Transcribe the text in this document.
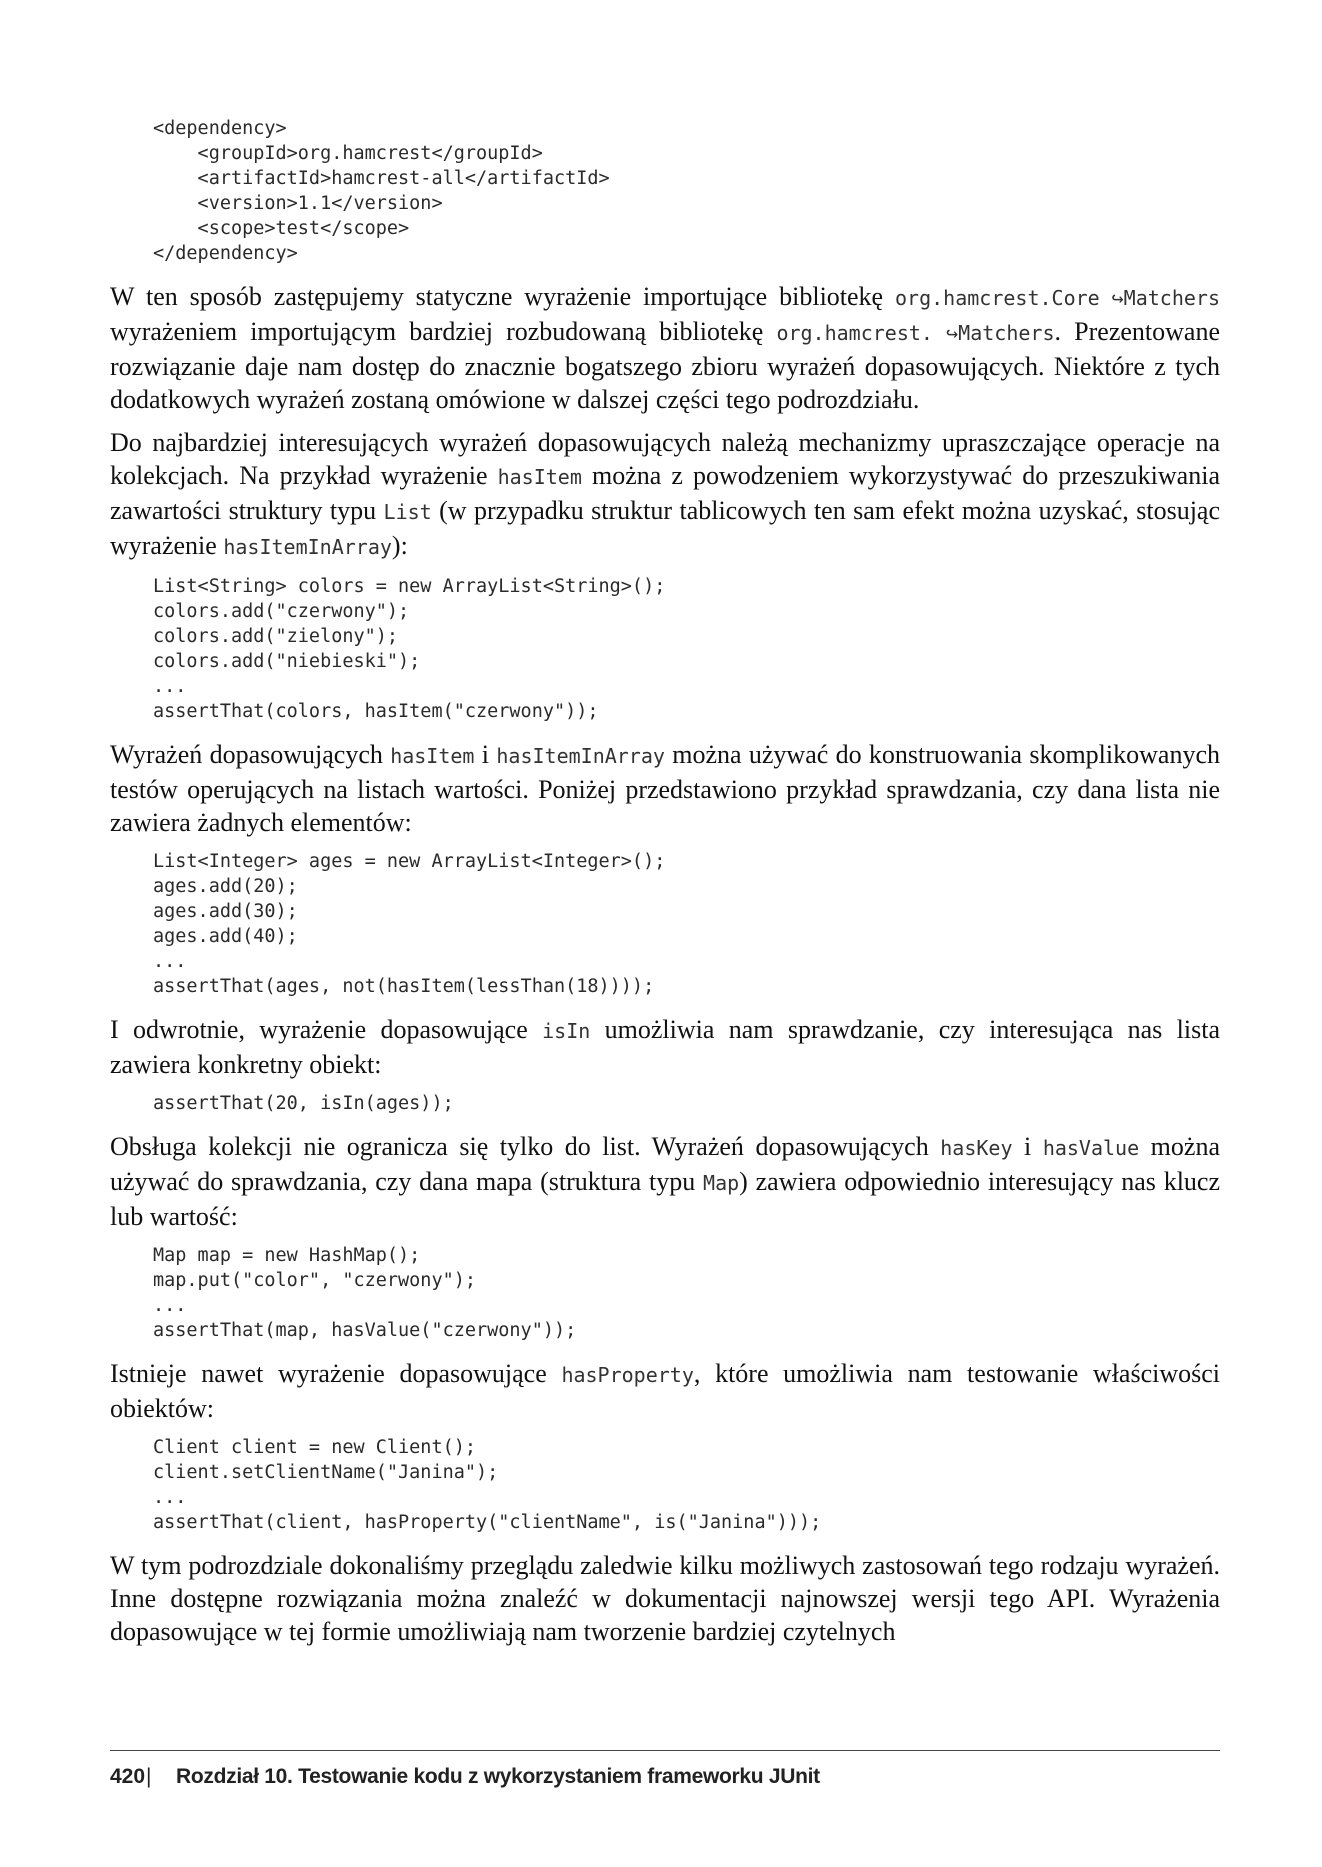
<dependency>
<groupId>org.hamcrest</groupId>
<artifactId>hamcrest-all</artifactId>
<version>1.1</version>
<scope>test</scope>
</dependency>

W ten sposób zastępujemy statyczne wyrażenie importujące bibliotekę org.hamcrest.Core ↪Matchers wyrażeniem importującym bardziej rozbudowaną bibliotekę org.hamcrest. ↪Matchers. Prezentowane rozwiązanie daje nam dostęp do znacznie bogatszego zbioru wyrażeń dopasowujących. Niektóre z tych dodatkowych wyrażeń zostaną omówione w dalszej części tego podrozdziału.

Do najbardziej interesujących wyrażeń dopasowujących należą mechanizmy upraszczające operacje na kolekcjach. Na przykład wyrażenie hasItem można z powodzeniem wykorzystywać do przeszukiwania zawartości struktury typu List (w przypadku struktur tablicowych ten sam efekt można uzyskać, stosując wyrażenie hasItemInArray):

List<String> colors = new ArrayList<String>();
colors.add("czerwony");
colors.add("zielony");
colors.add("niebieski");
...
assertThat(colors, hasItem("czerwony"));

Wyrażeń dopasowujących hasItem i hasItemInArray można używać do konstruowania skomplikowanych testów operujących na listach wartości. Poniżej przedstawiono przykład sprawdzania, czy dana lista nie zawiera żadnych elementów:

List<Integer> ages = new ArrayList<Integer>();
ages.add(20);
ages.add(30);
ages.add(40);
...
assertThat(ages, not(hasItem(lessThan(18))));

I odwrotnie, wyrażenie dopasowujące isIn umożliwia nam sprawdzanie, czy interesująca nas lista zawiera konkretny obiekt:

assertThat(20, isIn(ages));

Obsługa kolekcji nie ogranicza się tylko do list. Wyrażeń dopasowujących hasKey i hasValue można używać do sprawdzania, czy dana mapa (struktura typu Map) zawiera odpowiednio interesujący nas klucz lub wartość:

Map map = new HashMap();
map.put("color", "czerwony");
...
assertThat(map, hasValue("czerwony"));

Istnieje nawet wyrażenie dopasowujące hasProperty, które umożliwia nam testowanie właściwości obiektów:

Client client = new Client();
client.setClientName("Janina");
...
assertThat(client, hasProperty("clientName", is("Janina")));

W tym podrozdziale dokonaliśmy przeglądu zaledwie kilku możliwych zastosowań tego rodzaju wyrażeń. Inne dostępne rozwiązania można znaleźć w dokumentacji najnowszej wersji tego API. Wyrażenia dopasowujące w tej formie umożliwiają nam tworzenie bardziej czytelnych

420 |	Rozdział 10. Testowanie kodu z wykorzystaniem frameworku JUnit
